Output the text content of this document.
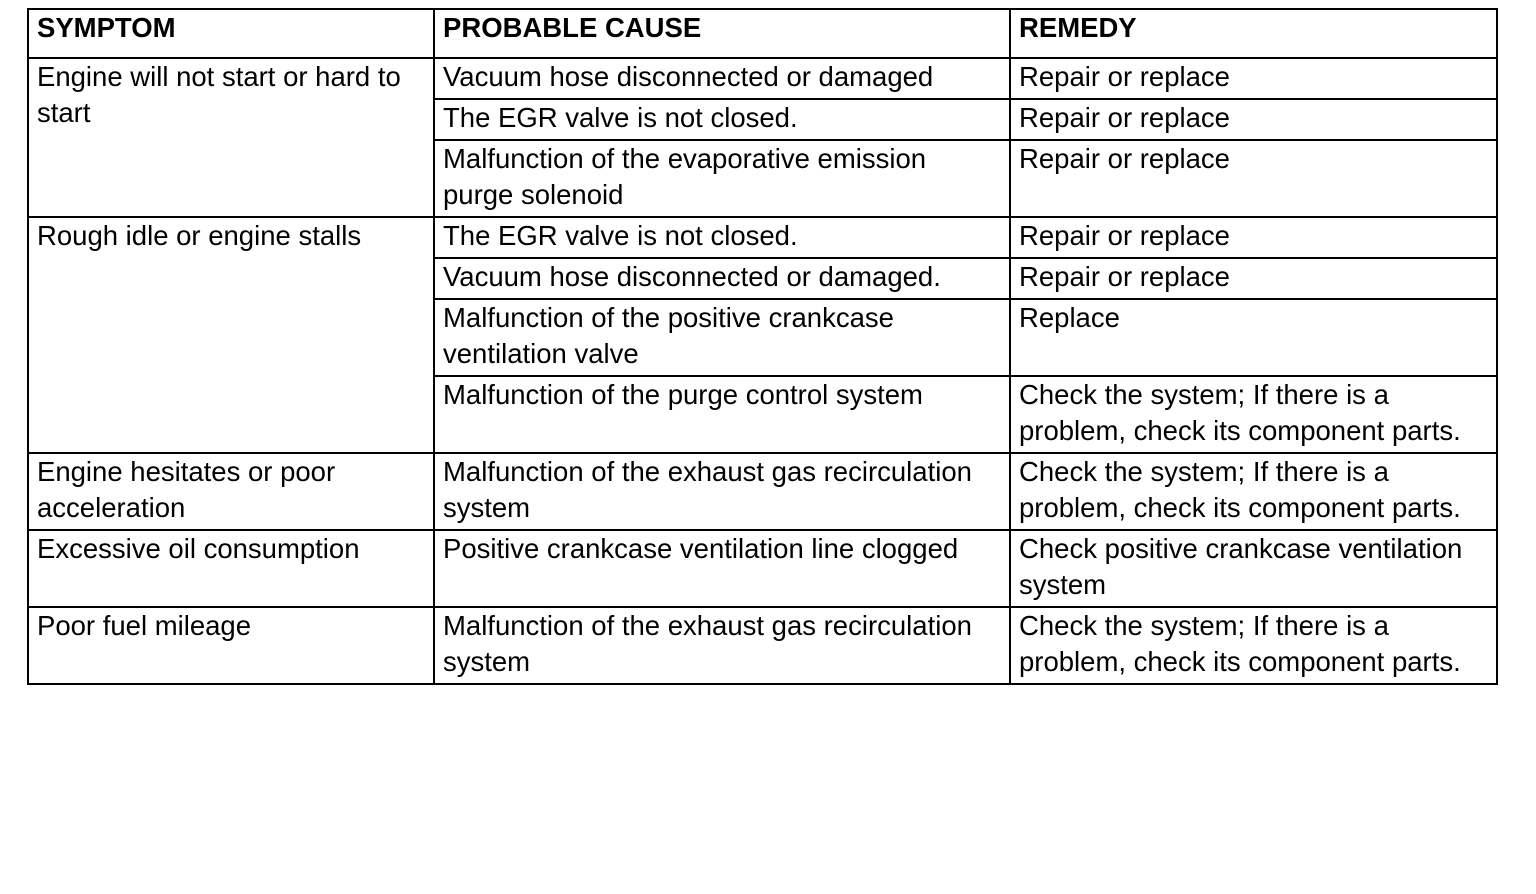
SYMPTOM	PROBABLE CAUSE	REMEDY
Engine will not start or hard to start	Vacuum hose disconnected or damaged	Repair or replace
	The EGR valve is not closed.	Repair or replace
	Malfunction of the evaporative emission purge solenoid	Repair or replace
Rough idle or engine stalls	The EGR valve is not closed.	Repair or replace
	Vacuum hose disconnected or damaged.	Repair or replace
	Malfunction of the positive crankcase ventilation valve	Replace
	Malfunction of the purge control system	Check the system; If there is a problem, check its component parts.
Engine hesitates or poor acceleration	Malfunction of the exhaust gas recirculation system	Check the system; If there is a problem, check its component parts.
Excessive oil consumption	Positive crankcase ventilation line clogged	Check positive crankcase ventilation system
Poor fuel mileage	Malfunction of the exhaust gas recirculation system	Check the system; If there is a problem, check its component parts.
